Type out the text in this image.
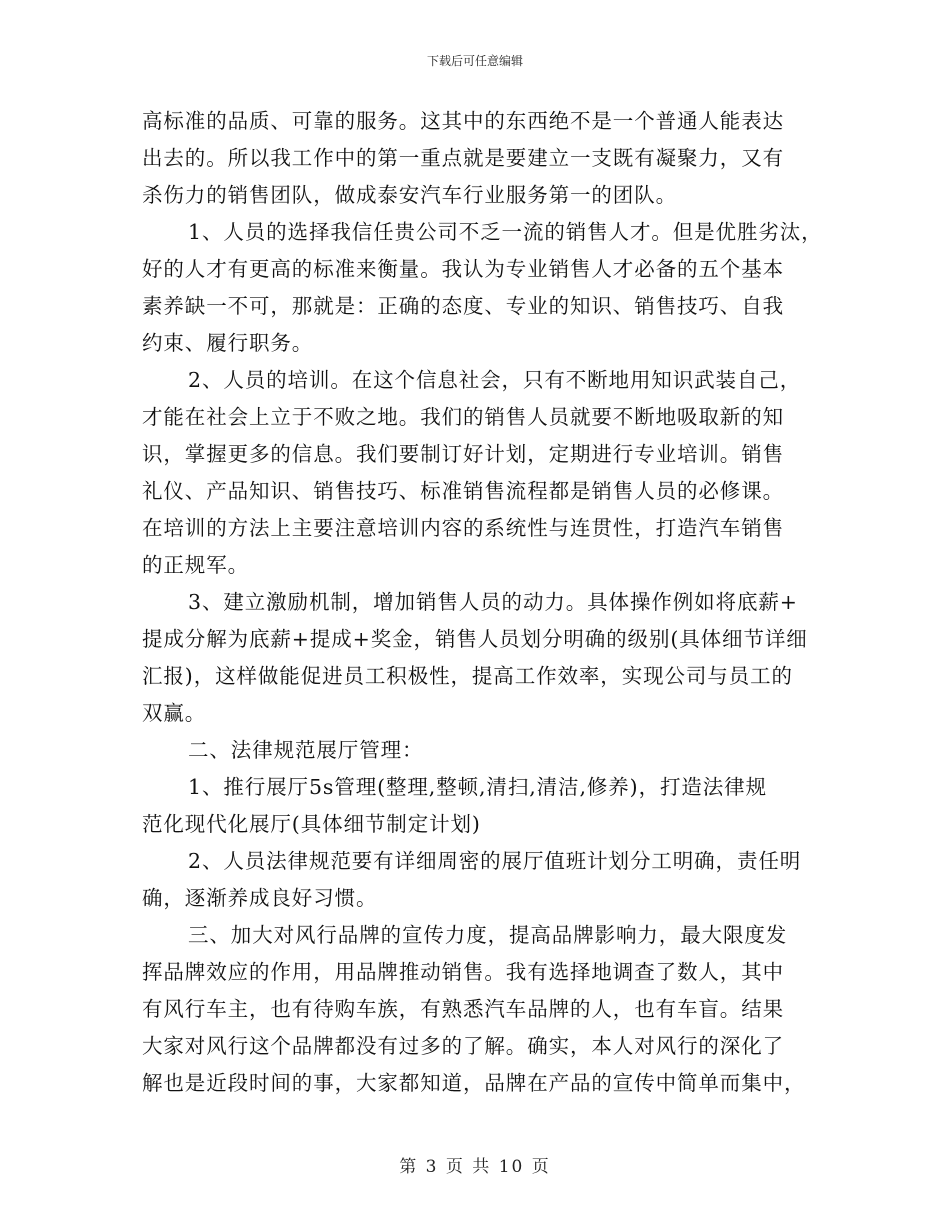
下载后可任意编辑
高标准的品质、可靠的服务。这其中的东西绝不是一个普通人能表达
出去的。所以我工作中的第一重点就是要建立一支既有凝聚力，又有
杀伤力的销售团队，做成泰安汽车行业服务第一的团队。
1、人员的选择我信任贵公司不乏一流的销售人才。但是优胜劣汰，
好的人才有更高的标准来衡量。我认为专业销售人才必备的五个基本
素养缺一不可，那就是：正确的态度、专业的知识、销售技巧、自我
约束、履行职务。
2、人员的培训。在这个信息社会，只有不断地用知识武装自己，
才能在社会上立于不败之地。我们的销售人员就要不断地吸取新的知
识，掌握更多的信息。我们要制订好计划，定期进行专业培训。销售
礼仪、产品知识、销售技巧、标准销售流程都是销售人员的必修课。
在培训的方法上主要注意培训内容的系统性与连贯性，打造汽车销售
的正规军。
3、建立激励机制，增加销售人员的动力。具体操作例如将底薪+
提成分解为底薪+提成+奖金，销售人员划分明确的级别(具体细节详细
汇报)，这样做能促进员工积极性，提高工作效率，实现公司与员工的
双赢。
二、法律规范展厅管理：
1、推行展厅5s管理(整理,整顿,清扫,清洁,修养)，打造法律规
范化现代化展厅(具体细节制定计划)
2、人员法律规范要有详细周密的展厅值班计划分工明确，责任明
确，逐渐养成良好习惯。
三、加大对风行品牌的宣传力度，提高品牌影响力，最大限度发
挥品牌效应的作用，用品牌推动销售。我有选择地调查了数人，其中
有风行车主，也有待购车族，有熟悉汽车品牌的人，也有车盲。结果
大家对风行这个品牌都没有过多的了解。确实，本人对风行的深化了
解也是近段时间的事，大家都知道，品牌在产品的宣传中简单而集中，
第 3 页 共 10 页
